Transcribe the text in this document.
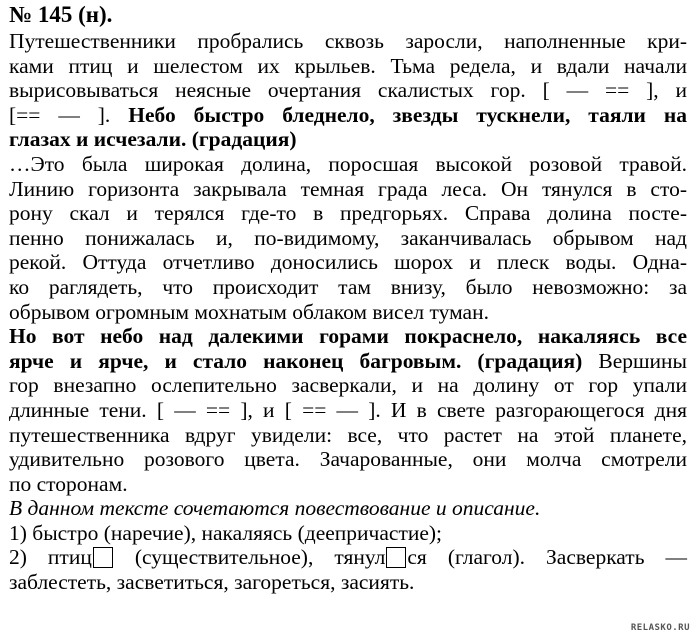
№ 145 (н).
Путешественники пробрались сквозь заросли, наполненные кри-
ками птиц и шелестом их крыльев. Тьма редела, и вдали начали
вырисовываться неясные очертания скалистых гор. [ — == ], и
[== — ]. Небо быстро бледнело, звезды тускнели, таяли на
глазах и исчезали. (градация)
…Это была широкая долина, поросшая высокой розовой травой.
Линию горизонта закрывала темная града леса. Он тянулся в сто-
рону скал и терялся где-то в предгорьях. Справа долина посте-
пенно понижалась и, по-видимому, заканчивалась обрывом над
рекой. Оттуда отчетливо доносились шорох и плеск воды. Одна-
ко раглядеть, что происходит там внизу, было невозможно: за
обрывом огромным мохнатым облаком висел туман.
Но вот небо над далекими горами покраснело, накаляясь все
ярче и ярче, и стало наконец багровым. (градация) Вершины
гор внезапно ослепительно засверкали, и на долину от гор упали
длинные тени. [ — == ], и [ == — ]. И в свете разгорающегося дня
путешественника вдруг увидели: все, что растет на этой планете,
удивительно розового цвета. Зачарованные, они молча смотрели
по сторонам.
В данном тексте сочетаются повествование и описание.
1) быстро (наречие), накаляясь (деепричастие);
2) птиц (существительное), тянул ся (глагол). Засверкать —
заблестеть, засветиться, загореться, засиять.
RELASKO.RU
